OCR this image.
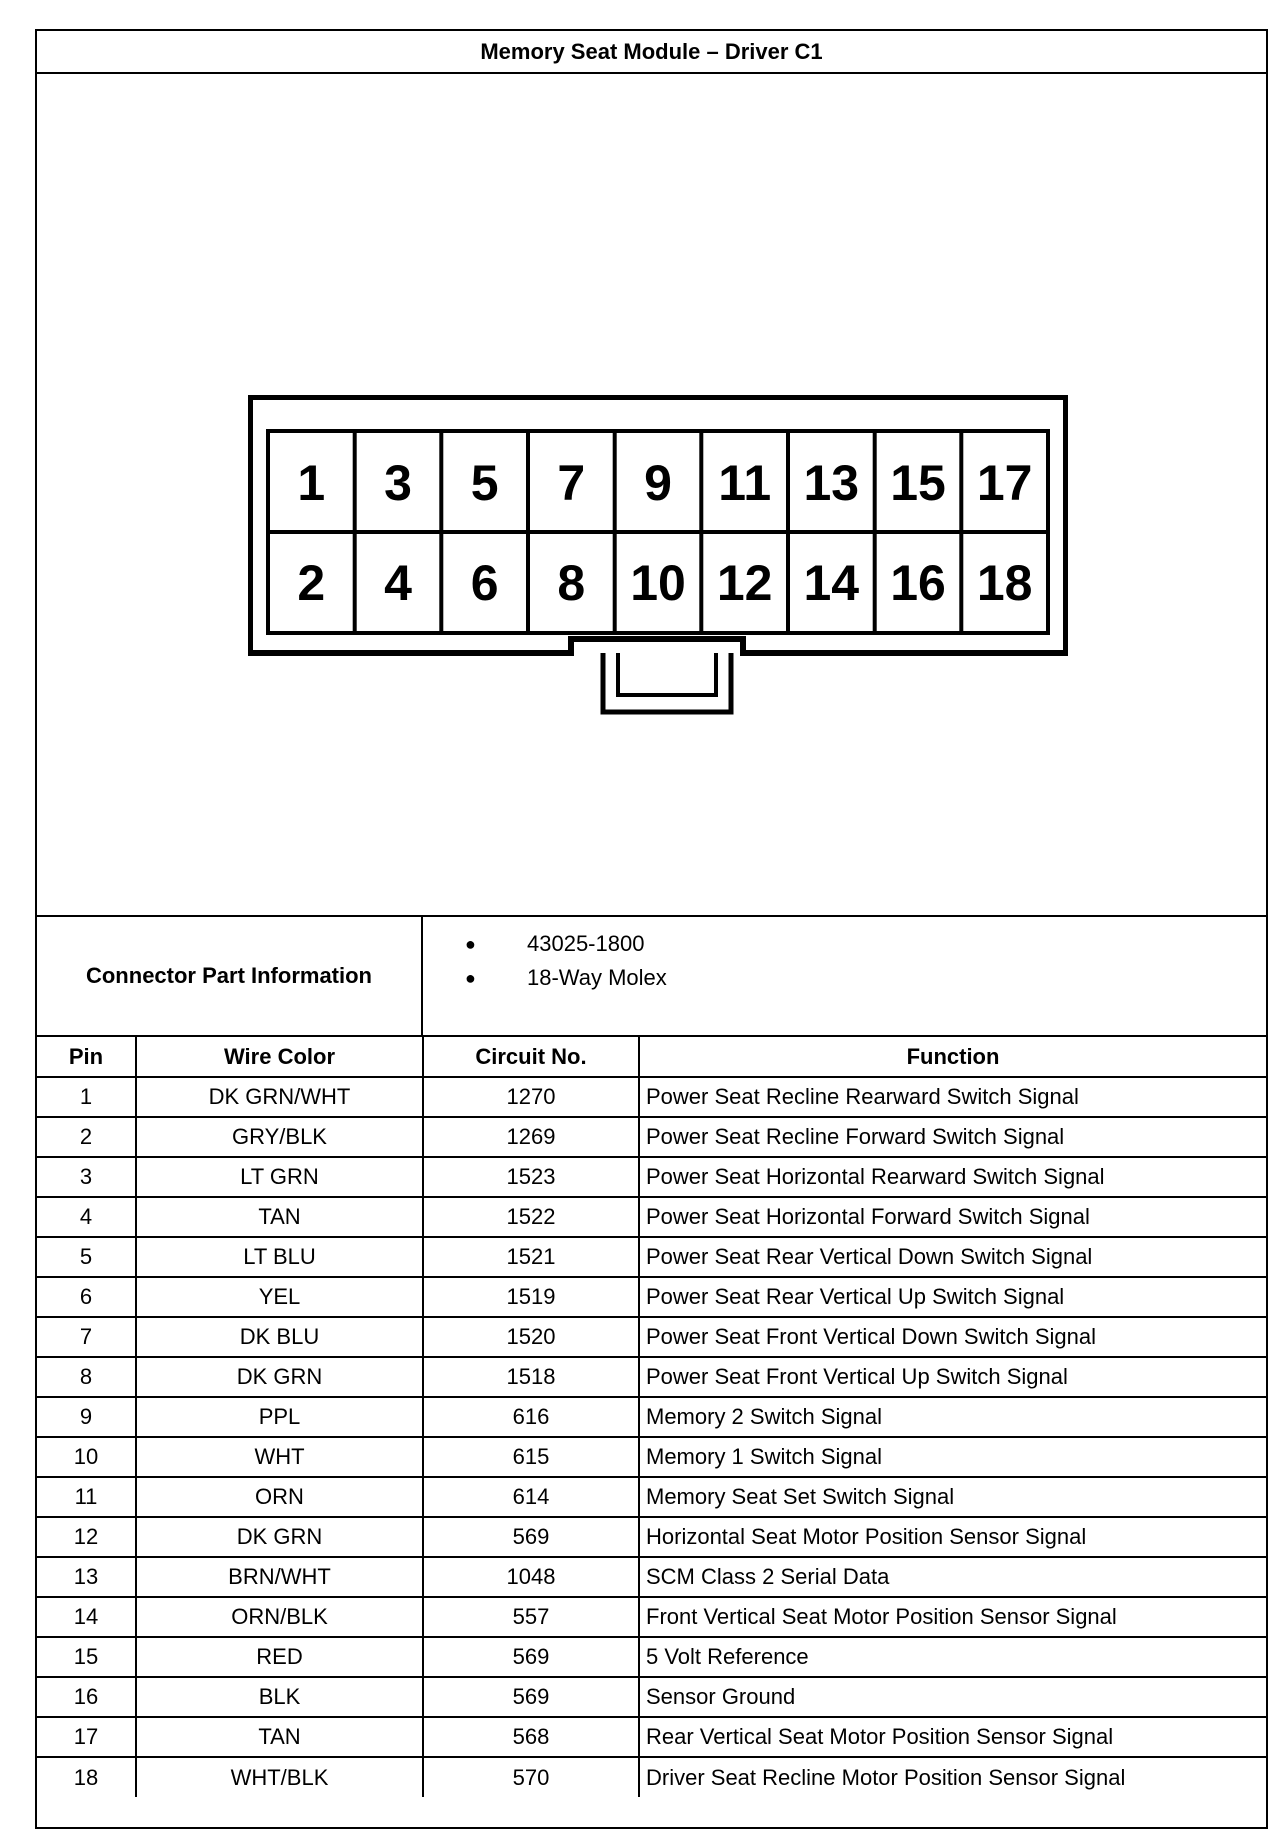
Memory Seat Module – Driver C1
1 3 5 7 9 11 13 15 17
2 4 6 8 10 12 14 16 18
Connector Part Information
●	43025-1800
●	18-Way Molex
Pin	Wire Color	Circuit No.	Function
1	DK GRN/WHT	1270	Power Seat Recline Rearward Switch Signal
2	GRY/BLK	1269	Power Seat Recline Forward Switch Signal
3	LT GRN	1523	Power Seat Horizontal Rearward Switch Signal
4	TAN	1522	Power Seat Horizontal Forward Switch Signal
5	LT BLU	1521	Power Seat Rear Vertical Down Switch Signal
6	YEL	1519	Power Seat Rear Vertical Up Switch Signal
7	DK BLU	1520	Power Seat Front Vertical Down Switch Signal
8	DK GRN	1518	Power Seat Front Vertical Up Switch Signal
9	PPL	616	Memory 2 Switch Signal
10	WHT	615	Memory 1 Switch Signal
11	ORN	614	Memory Seat Set Switch Signal
12	DK GRN	569	Horizontal Seat Motor Position Sensor Signal
13	BRN/WHT	1048	SCM Class 2 Serial Data
14	ORN/BLK	557	Front Vertical Seat Motor Position Sensor Signal
15	RED	569	5 Volt Reference
16	BLK	569	Sensor Ground
17	TAN	568	Rear Vertical Seat Motor Position Sensor Signal
18	WHT/BLK	570	Driver Seat Recline Motor Position Sensor Signal
